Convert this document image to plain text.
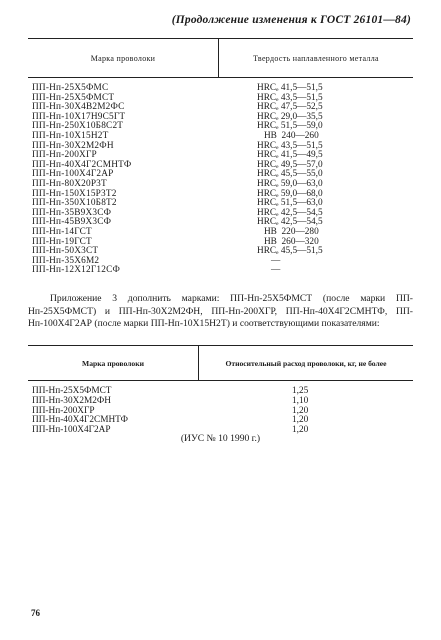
(Продолжение изменения к ГОСТ 26101—84)
Марка проволоки	Твердость наплавленного металла
ПП-Нп-25Х5ФМС	HRCₑ 41,5—51,5
ПП-Нп-25Х5ФМСТ	HRCₑ 43,5—51,5
ПП-Нп-30Х4В2М2ФС	HRCₑ 47,5—52,5
ПП-Нп-10Х17Н9С5ГТ	HRCₑ 29,0—35,5
ПП-Нп-250Х10Б8С2Т	HRCₑ 51,5—59,0
ПП-Нп-10Х15Н2Т	HB  240—260
ПП-Нп-30Х2М2ФН	HRCₑ 43,5—51,5
ПП-Нп-200ХГР	HRCₑ 41,5—49,5
ПП-Нп-40Х4Г2СМНТФ	HRCₑ 49,5—57,0
ПП-Нп-100Х4Г2АР	HRCₑ 45,5—55,0
ПП-Нп-80Х20Р3Т	HRCₑ 59,0—63,0
ПП-Нп-150Х15Р3Т2	HRCₑ 59,0—68,0
ПП-Нп-350Х10Б8Т2	HRCₑ 51,5—63,0
ПП-Нп-35В9Х3СФ	HRCₑ 42,5—54,5
ПП-Нп-45В9Х3СФ	HRCₑ 42,5—54,5
ПП-Нп-14ГСТ	HB  220—280
ПП-Нп-19ГСТ	HB  260—320
ПП-Нп-50Х3СТ	HRCₑ 45,5—51,5
ПП-Нп-35Х6М2	—
ПП-Нп-12Х12Г12СФ	—
Приложение 3 дополнить марками: ПП-Нп-25Х5ФМСТ (после марки ПП-Нп-25Х5ФМСТ) и ПП-Нп-30Х2М2ФН, ПП-Нп-200ХГР, ПП-Нп-40Х4Г2СМНТФ, ПП-Нп-100Х4Г2АР (после марки ПП-Нп-10Х15Н2Т) и соответствующими показателями:
Марка проволоки	Относительный расход проволоки, кг, не более
ПП-Нп-25Х5ФМСТ	1,25
ПП-Нп-30Х2М2ФН	1,10
ПП-Нп-200ХГР	1,20
ПП-Нп-40Х4Г2СМНТФ	1,20
ПП-Нп-100Х4Г2АР	1,20
(ИУС № 10 1990 г.)
76
